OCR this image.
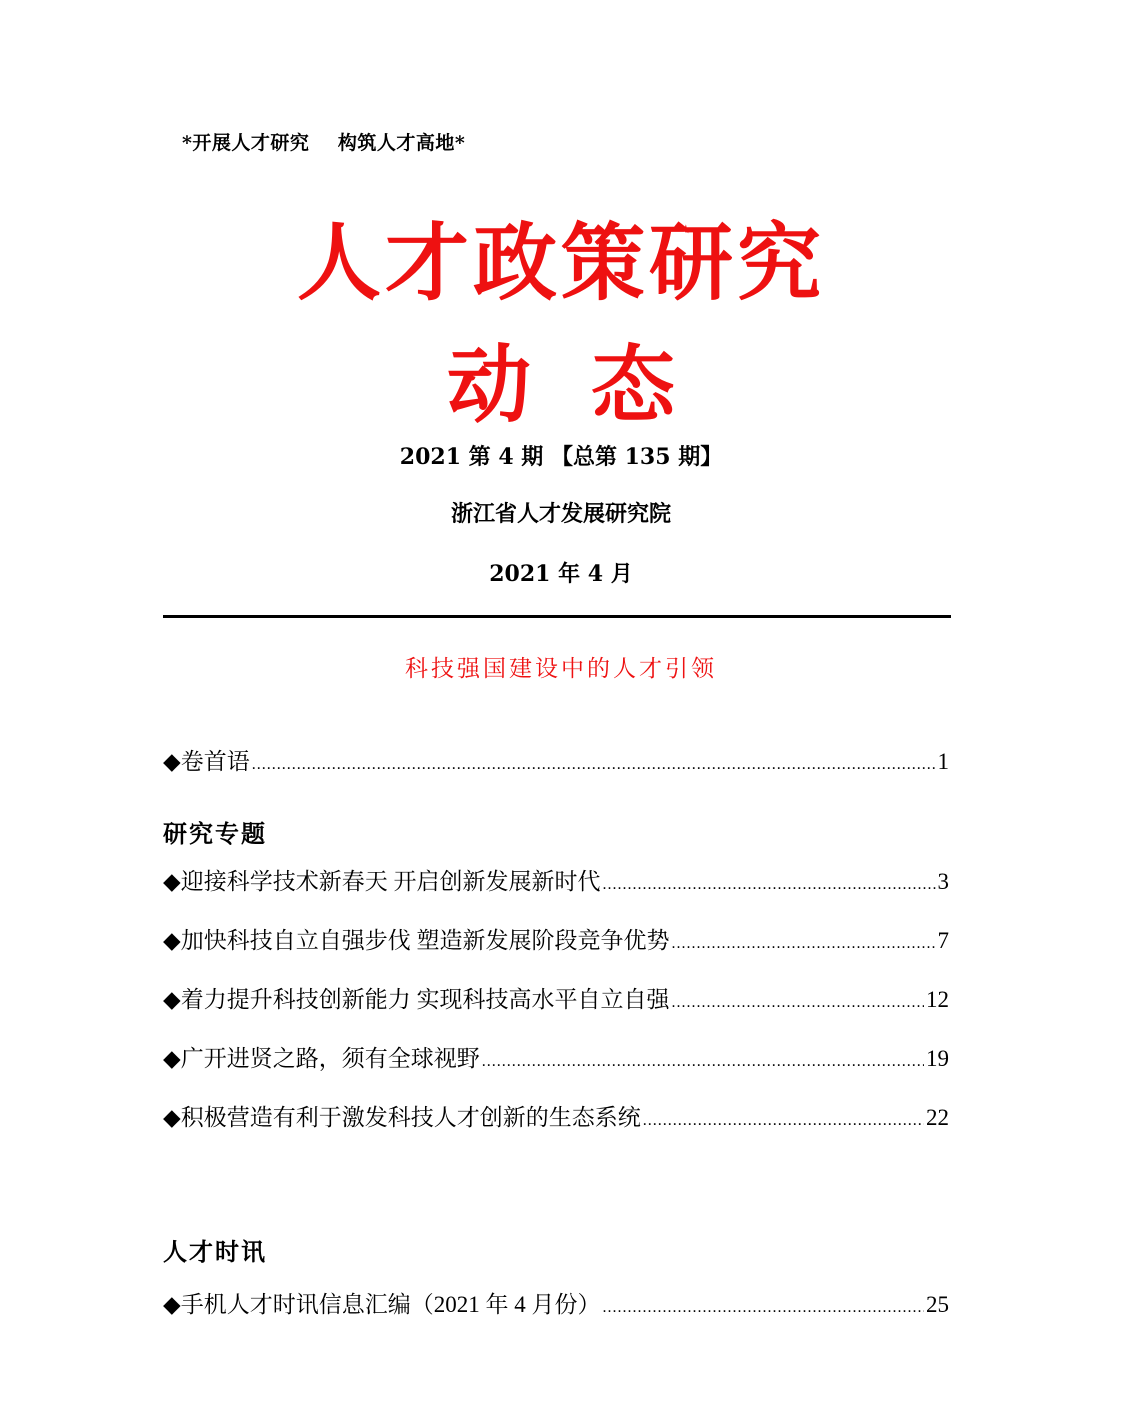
*开展人才研究    构筑人才高地*
人才政策研究
动态
2021 第 4 期 【总第 135 期】
浙江省人才发展研究院
2021 年 4 月
科技强国建设中的人才引领
◆卷首语 .....	1
研究专题
◆迎接科学技术新春天 开启创新发展新时代 .....	3
◆加快科技自立自强步伐 塑造新发展阶段竞争优势 .....	7
◆着力提升科技创新能力 实现科技高水平自立自强 .....	12
◆广开进贤之路，须有全球视野 .....	19
◆积极营造有利于激发科技人才创新的生态系统 .....	22
人才时讯
◆手机人才时讯信息汇编（2021 年 4 月份） .....	25
